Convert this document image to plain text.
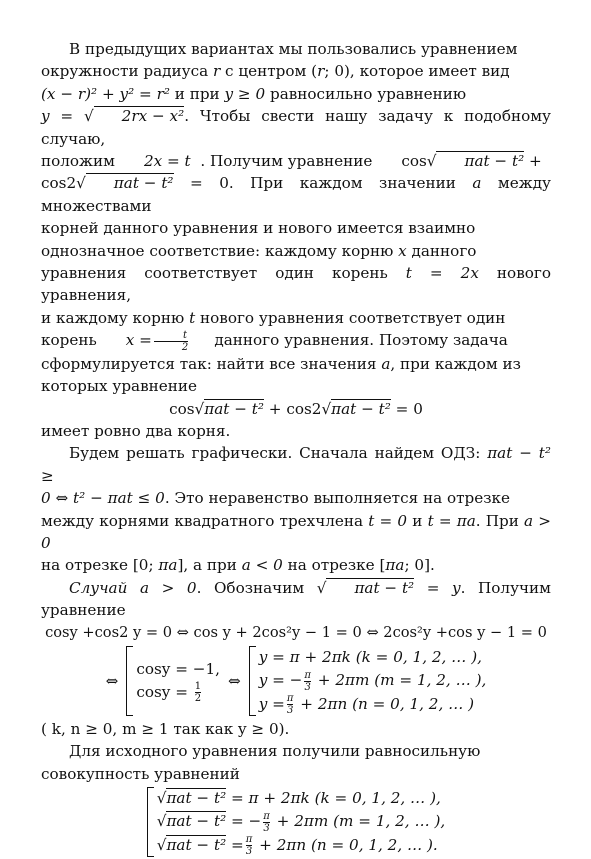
В предыдущих вариантах мы пользовались уравнением
окружности радиуса r с центром (r; 0), которое имеет вид
(x − r)² + y² = r² и при y ≥ 0 равносильно уравнению
y = √ 2rx − x². Чтобы свести нашу задачу к подобному случаю,
положим 2x = t . Получим уравнение cos√ πat − t² +
cos2√ πat − t² = 0. При каждом значении a между множествами
корней данного уравнения и нового имеется взаимно
однозначное соответствие: каждому корню x данного
уравнения соответствует один корень t = 2x нового уравнения,
и каждому корню t нового уравнения соответствует один
корень $x = \frac{t}{2}$ данного уравнения. Поэтому задача
сформулируется так: найти все значения a, при каждом из
которых уравнение

cos√πat − t² + cos2√πat − t² = 0

имеет ровно два корня.

Будем решать графически. Сначала найдем ОДЗ: πat − t² ≥
0 ⇔ t² − πat ≤ 0. Это неравенство выполняется на отрезке
между корнями квадратного трехчлена t = 0 и t = πa. При a > 0
на отрезке [0; πa], а при a < 0 на отрезке [πa; 0].

Случай a > 0. Обозначим √ πat − t² = y. Получим уравнение

cosy +cos2 y = 0 ⇔ cos y + 2cos²y − 1 = 0 ⇔ 2cos²y +cos y − 1 = 0

⇔
cosy = −1,
$\cos y = \frac{1}{2}$
⇔
y = π + 2πk (k = 0, 1, 2, … ),
y = − $\frac{\pi}{3} + 2\pi m$ (m = 1, 2, … ),
$y = \frac{\pi}{3} + 2\pi n$ (n = 0, 1, 2, … )

( k, n ≥ 0, m ≥ 1 так как y ≥ 0).

Для исходного уравнения получили равносильную
совокупность уравнений

√πat − t² = π + 2πk (k = 0, 1, 2, … ),
√πat − t² = − $\frac{\pi}{3} + 2\pi m$ (m = 1, 2, … ),
$√\pi at - t^2 = \frac{\pi}{3} + 2\pi n$ (n = 0, 1, 2, … ).
